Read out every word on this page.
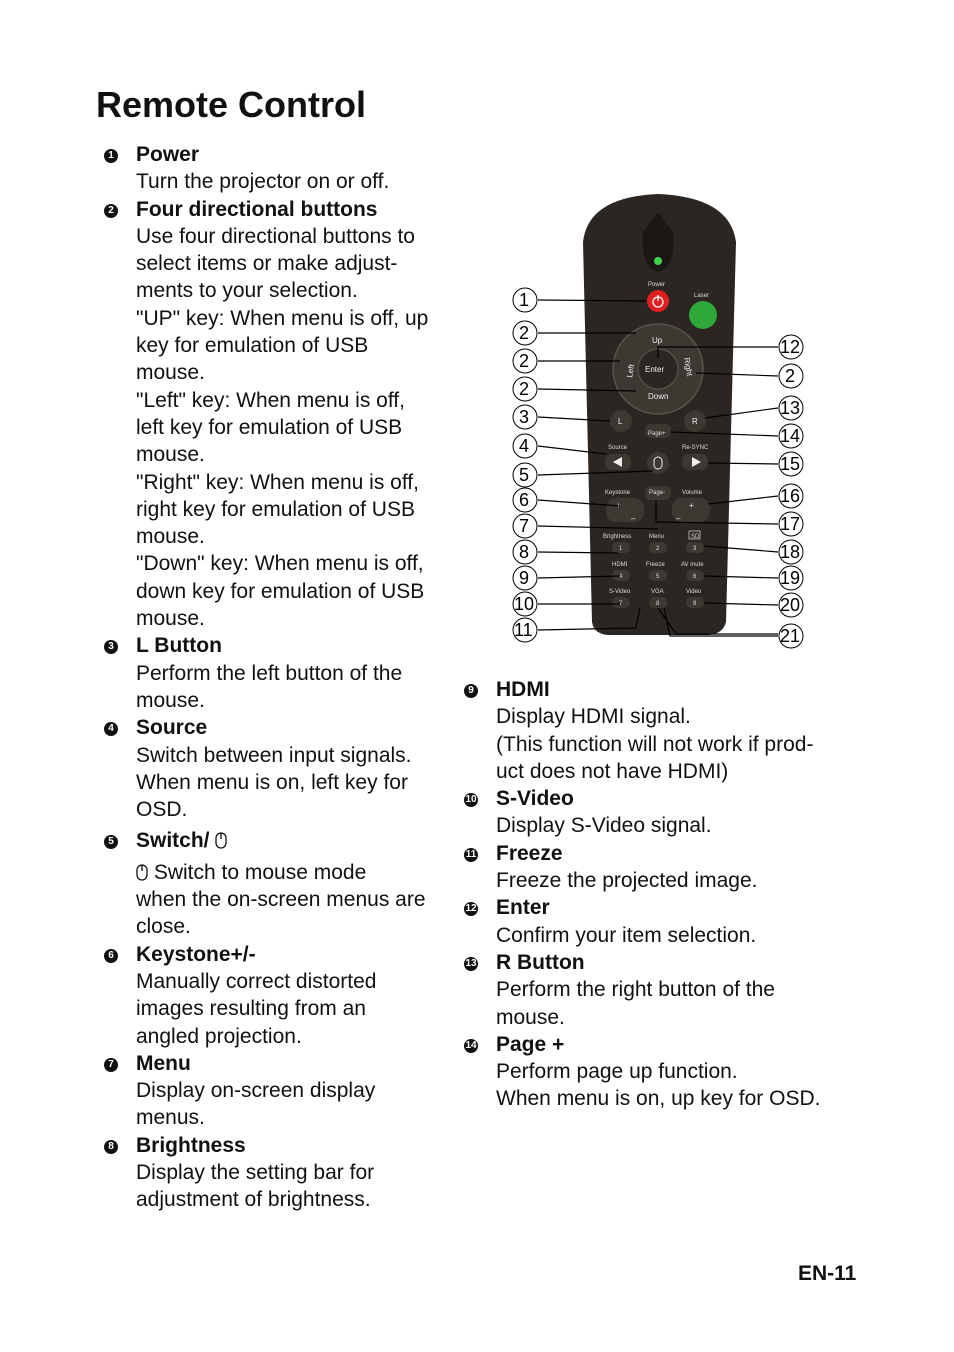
Remote Control
1 Power
Turn the projector on or off.
2 Four directional buttons
Use four directional buttons to
select items or make adjust-
ments to your selection.
"UP" key: When menu is off, up
key for emulation of USB
mouse.
"Left" key: When menu is off,
left key for emulation of USB
mouse.
"Right" key: When menu is off,
right key for emulation of USB
mouse.
"Down" key: When menu is off,
down key for emulation of USB
mouse.
3 L Button
Perform the left button of the
mouse.
4 Source
Switch between input signals.
When menu is on, left key for
OSD.
5 Switch/
Switch to mouse mode
when the on-screen menus are
close.
6 Keystone+/-
Manually correct distorted
images resulting from an
angled projection.
7 Menu
Display on-screen display
menus.
8 Brightness
Display the setting bar for
adjustment of brightness.
Power
Laser
Enter
Up
Down
Left	Right
L	R
Page+
Source	Re-SYNC
Keystone
+
–
Page-	Volume
+
–
Brightness	Menu	SD
1	2	3
HDMI	Freeze	AV mute
4	5	6
S-Video	VGA	Video
7	8	9
1
2
2
2
3
4
5
6
7
8
9
10
11
12
2
13
14
15
16
17
18
19
20
21
9 HDMI
Display HDMI signal.
(This function will not work if prod-
uct does not have HDMI)
10 S-Video
Display S-Video signal.
11 Freeze
Freeze the projected image.
12 Enter
Confirm your item selection.
13 R Button
Perform the right button of the
mouse.
14 Page +
Perform page up function.
When menu is on, up key for OSD.
EN-11
